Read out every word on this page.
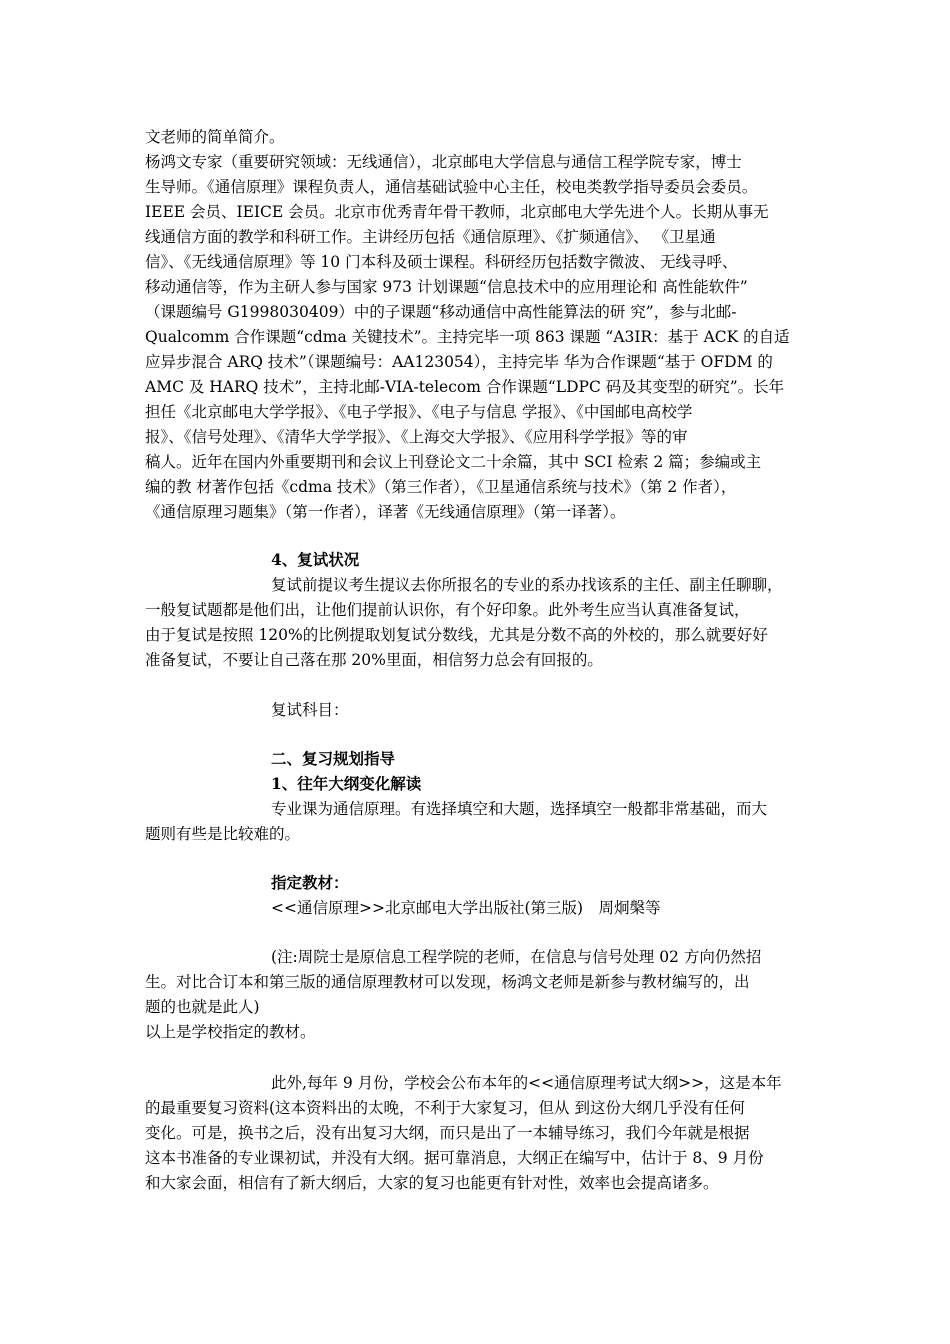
文老师的简单简介。
杨鸿文专家（重要研究领域：无线通信），北京邮电大学信息与通信工程学院专家，博士
生导师。《通信原理》课程负责人，通信基础试验中心主任，校电类教学指导委员会委员。
IEEE 会员、IEICE 会员。北京市优秀青年骨干教师，北京邮电大学先进个人。长期从事无
线通信方面的教学和科研工作。主讲经历包括《通信原理》、《扩频通信》、 《卫星通
信》、《无线通信原理》等 10 门本科及硕士课程。科研经历包括数字微波、 无线寻呼、
移动通信等，作为主研人参与国家 973 计划课题“信息技术中的应用理论和 高性能软件”
（课题编号 G1998030409）中的子课题“移动通信中高性能算法的研 究”，参与北邮-
Qualcomm 合作课题“cdma 关键技术”。主持完毕一项 863 课题 “A3IR：基于 ACK 的自适
应异步混合 ARQ 技术”（课题编号：AA123054），主持完毕 华为合作课题“基于 OFDM 的
AMC 及 HARQ 技术”，主持北邮-VIA-telecom 合作课题“LDPC 码及其变型的研究”。长年
担任《北京邮电大学学报》、《电子学报》、《电子与信息 学报》、《中国邮电高校学
报》、《信号处理》、《清华大学学报》、《上海交大学报》、《应用科学学报》等的审
稿人。近年在国内外重要期刊和会议上刊登论文二十余篇，其中 SCI 检索 2 篇；参编或主
编的教 材著作包括《cdma 技术》（第三作者），《卫星通信系统与技术》（第 2 作者），
《通信原理习题集》（第一作者），译著《无线通信原理》（第一译著）。
4、复试状况
复试前提议考生提议去你所报名的专业的系办找该系的主任、副主任聊聊，
一般复试题都是他们出，让他们提前认识你，有个好印象。此外考生应当认真准备复试，
由于复试是按照 120%的比例提取划复试分数线，尤其是分数不高的外校的，那么就要好好
准备复试，不要让自己落在那 20%里面，相信努力总会有回报的。
复试科目：
二、复习规划指导
1、往年大纲变化解读
专业课为通信原理。有选择填空和大题，选择填空一般都非常基础，而大
题则有些是比较难的。
指定教材：
<<通信原理>>北京邮电大学出版社(第三版)　周炯槃等
(注:周院士是原信息工程学院的老师，在信息与信号处理 02 方向仍然招
生。对比合订本和第三版的通信原理教材可以发现，杨鸿文老师是新参与教材编写的，出
题的也就是此人)
以上是学校指定的教材。
此外,每年 9 月份，学校会公布本年的<<通信原理考试大纲>>，这是本年
的最重要复习资料(这本资料出的太晚，不利于大家复习，但从 到这份大纲几乎没有任何
变化。可是，换书之后，没有出复习大纲，而只是出了一本辅导练习，我们今年就是根据
这本书准备的专业课初试，并没有大纲。据可靠消息，大纲正在编写中，估计于 8、9 月份
和大家会面，相信有了新大纲后，大家的复习也能更有针对性，效率也会提高诸多。
